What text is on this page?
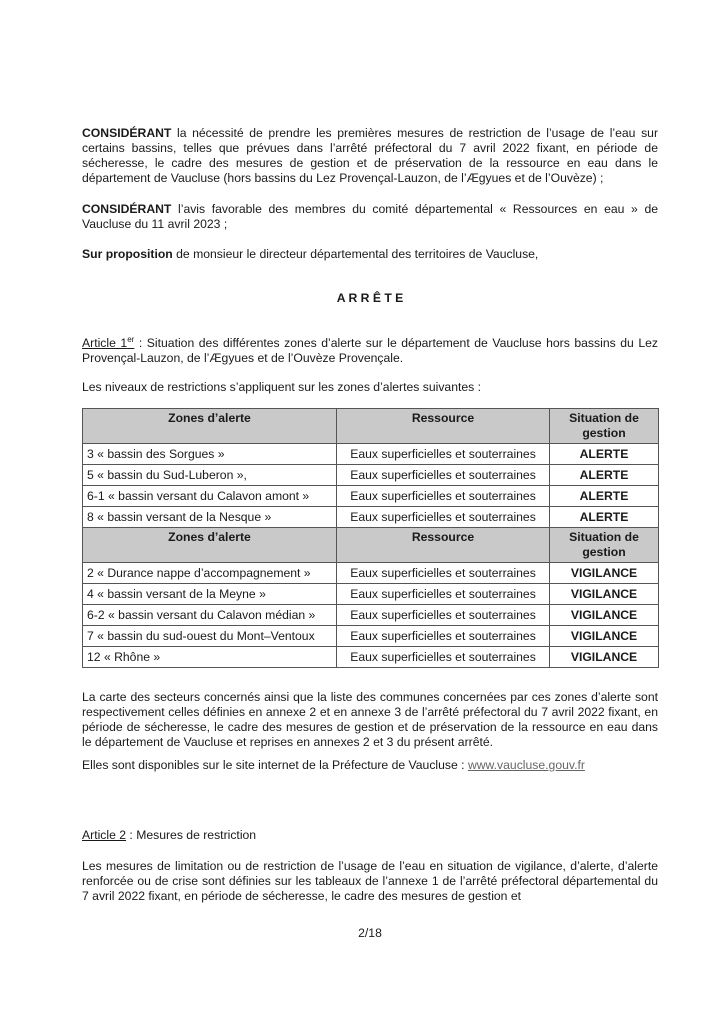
CONSIDÉRANT la nécessité de prendre les premières mesures de restriction de l’usage de l’eau sur certains bassins, telles que prévues dans l’arrêté préfectoral du 7 avril 2022 fixant, en période de sécheresse, le cadre des mesures de gestion et de préservation de la ressource en eau dans le département de Vaucluse (hors bassins du Lez Provençal-Lauzon, de l’Ægyues et de l’Ouvèze) ;

CONSIDÉRANT l’avis favorable des membres du comité départemental « Ressources en eau » de Vaucluse du 11 avril 2023 ;

Sur proposition de monsieur le directeur départemental des territoires de Vaucluse,

A R R Ê T E

Article 1er : Situation des différentes zones d’alerte sur le département de Vaucluse hors bassins du Lez Provençal-Lauzon, de l’Ægyues et de l’Ouvèze Provençale.

Les niveaux de restrictions s’appliquent sur les zones d’alertes suivantes :

Zones d’alerte	Ressource	Situation de gestion
3 « bassin des Sorgues »	Eaux superficielles et souterraines	ALERTE
5 « bassin du Sud-Luberon »,	Eaux superficielles et souterraines	ALERTE
6-1 « bassin versant du Calavon amont »	Eaux superficielles et souterraines	ALERTE
8 « bassin versant de la Nesque »	Eaux superficielles et souterraines	ALERTE
Zones d’alerte	Ressource	Situation de gestion
2 « Durance nappe d’accompagnement »	Eaux superficielles et souterraines	VIGILANCE
4 « bassin versant de la Meyne »	Eaux superficielles et souterraines	VIGILANCE
6-2 « bassin versant du Calavon médian »	Eaux superficielles et souterraines	VIGILANCE
7 « bassin du sud-ouest du Mont–Ventoux	Eaux superficielles et souterraines	VIGILANCE
12 « Rhône »	Eaux superficielles et souterraines	VIGILANCE

La carte des secteurs concernés ainsi que la liste des communes concernées par ces zones d’alerte sont respectivement celles définies en annexe 2 et en annexe 3 de l’arrêté préfectoral du 7 avril 2022 fixant, en période de sécheresse, le cadre des mesures de gestion et de préservation de la ressource en eau dans le département de Vaucluse et reprises en annexes 2 et 3 du présent arrêté.

Elles sont disponibles sur le site internet de la Préfecture de Vaucluse : www.vaucluse.gouv.fr

Article 2 : Mesures de restriction

Les mesures de limitation ou de restriction de l’usage de l’eau en situation de vigilance, d’alerte, d’alerte renforcée ou de crise sont définies sur les tableaux de l’annexe 1 de l’arrêté préfectoral départemental du 7 avril 2022 fixant, en période de sécheresse, le cadre des mesures de gestion et

2/18
